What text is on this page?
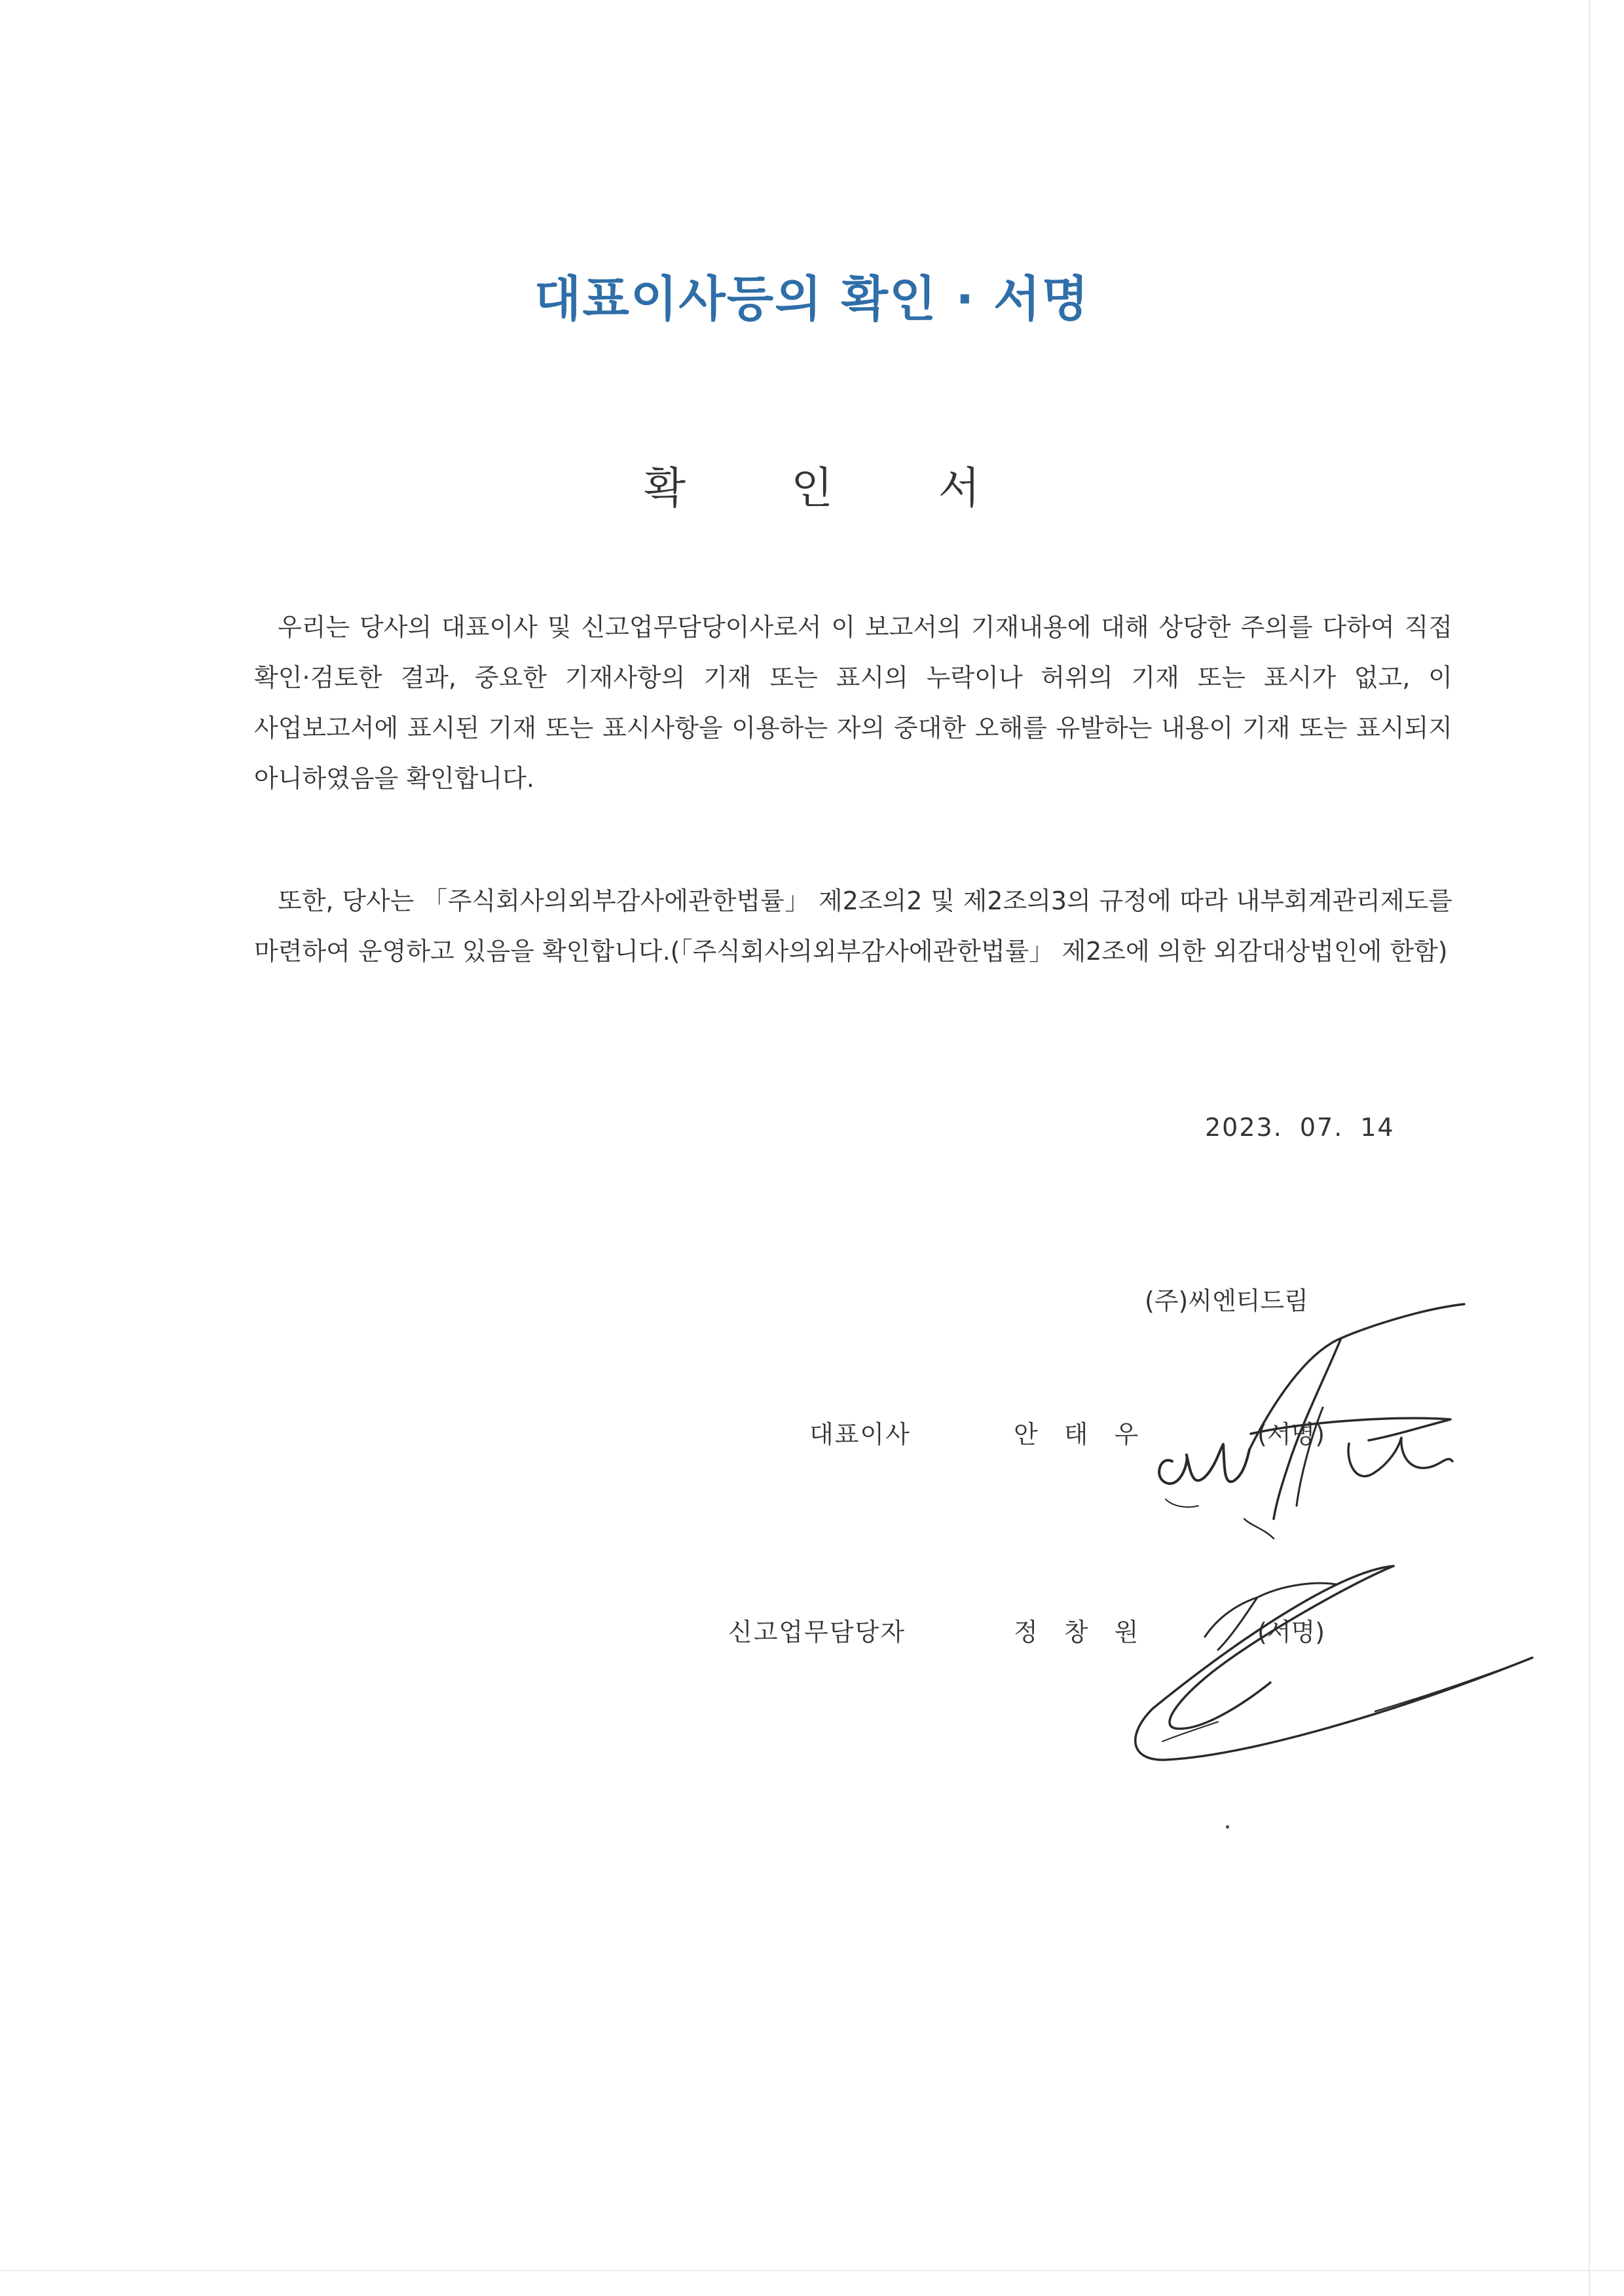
대표이사등의 확인 · 서명
확 인 서
우리는 당사의 대표이사 및 신고업무담당이사로서 이 보고서의 기재내용에 대해 상당한 주의를 다하여 직접 확인·검토한 결과, 중요한 기재사항의 기재 또는 표시의 누락이나 허위의 기재 또는 표시가 없고, 이 사업보고서에 표시된 기재 또는 표시사항을 이용하는 자의 중대한 오해를 유발하는 내용이 기재 또는 표시되지 아니하였음을 확인합니다.
또한, 당사는 「주식회사의외부감사에관한법률」 제2조의2 및 제2조의3의 규정에 따라 내부회계관리제도를 마련하여 운영하고 있음을 확인합니다.(「주식회사의외부감사에관한법률」 제2조에 의한 외감대상법인에 한함)
2023. 07. 14
(주)씨엔티드림
대표이사	안 태 우	(서명)
신고업무담당자	정 창 원	(서명)
